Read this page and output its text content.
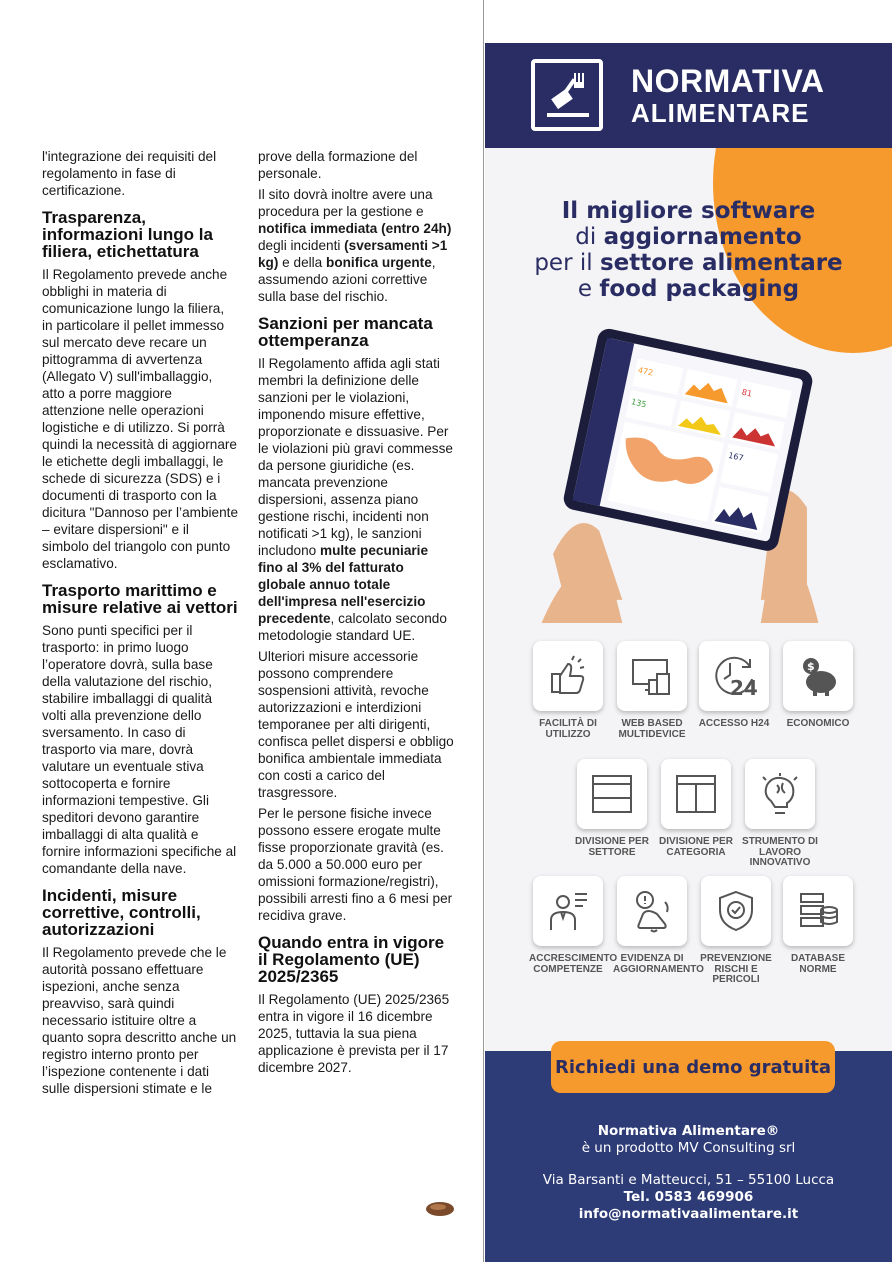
l'integrazione dei requisiti del regolamento in fase di certificazione.

Trasparenza, informazioni lungo la filiera, etichettatura

Il Regolamento prevede anche obblighi in materia di comunicazione lungo la filiera, in particolare il pellet immesso sul mercato deve recare un pittogramma di avvertenza (Allegato V) sull'imballaggio, atto a porre maggiore attenzione nelle operazioni logistiche e di utilizzo. Si porrà quindi la necessità di aggiornare le etichette degli imballaggi, le schede di sicurezza (SDS) e i documenti di trasporto con la dicitura "Dannoso per l’ambiente – evitare dispersioni" e il simbolo del triangolo con punto esclamativo.

Trasporto marittimo e misure relative ai vettori

Sono punti specifici per il trasporto: in primo luogo l’operatore dovrà, sulla base della valutazione del rischio, stabilire imballaggi di qualità volti alla prevenzione dello sversamento. In caso di trasporto via mare, dovrà valutare un eventuale stiva sottocoperta e fornire informazioni tempestive. Gli speditori devono garantire imballaggi di alta qualità e fornire informazioni specifiche al comandante della nave.

Incidenti, misure correttive, controlli, autorizzazioni

Il Regolamento prevede che le autorità possano effettuare ispezioni, anche senza preavviso, sarà quindi necessario istituire oltre a quanto sopra descritto anche un registro interno pronto per l’ispezione contenente i dati sulle dispersioni stimate e le

prove della formazione del personale.

Il sito dovrà inoltre avere una procedura per la gestione e notifica immediata (entro 24h) degli incidenti (sversamenti >1 kg) e della bonifica urgente, assumendo azioni correttive sulla base del rischio.

Sanzioni per mancata ottemperanza

Il Regolamento affida agli stati membri la definizione delle sanzioni per le violazioni, imponendo misure effettive, proporzionate e dissuasive. Per le violazioni più gravi commesse da persone giuridiche (es. mancata prevenzione dispersioni, assenza piano gestione rischi, incidenti non notificati >1 kg), le sanzioni includono multe pecuniarie fino al 3% del fatturato globale annuo totale dell'impresa nell'esercizio precedente, calcolato secondo metodologie standard UE.

Ulteriori misure accessorie possono comprendere sospensioni attività, revoche autorizzazioni e interdizioni temporanee per alti dirigenti, confisca pellet dispersi e obbligo bonifica ambientale immediata con costi a carico del trasgressore.

Per le persone fisiche invece possono essere erogate multe fisse proporzionate gravità (es. da 5.000 a 50.000 euro per omissioni formazione/registri), possibili arresti fino a 6 mesi per recidiva grave.

Quando entra in vigore il Regolamento (UE) 2025/2365

Il Regolamento (UE) 2025/2365 entra in vigore il 16 dicembre 2025, tuttavia la sua piena applicazione è prevista per il 17 dicembre 2027.

NORMATIVA
ALIMENTARE
Il migliore software
di aggiornamento
per il settore alimentare
e food packaging
472
81
135
167
FACILITÀ DI UTILIZZO
WEB BASED MULTIDEVICE
24
ACCESSO H24
$
ECONOMICO
DIVISIONE PER SETTORE
DIVISIONE PER CATEGORIA
STRUMENTO DI LAVORO INNOVATIVO
ACCRESCIMENTO COMPETENZE
EVIDENZA DI AGGIORNAMENTO
PREVENZIONE RISCHI E PERICOLI
DATABASE NORME
Richiedi una demo gratuita
Normativa Alimentare®
è un prodotto MV Consulting srl
Via Barsanti e Matteucci, 51 – 55100 Lucca
Tel. 0583 469906
info@normativaalimentare.it
